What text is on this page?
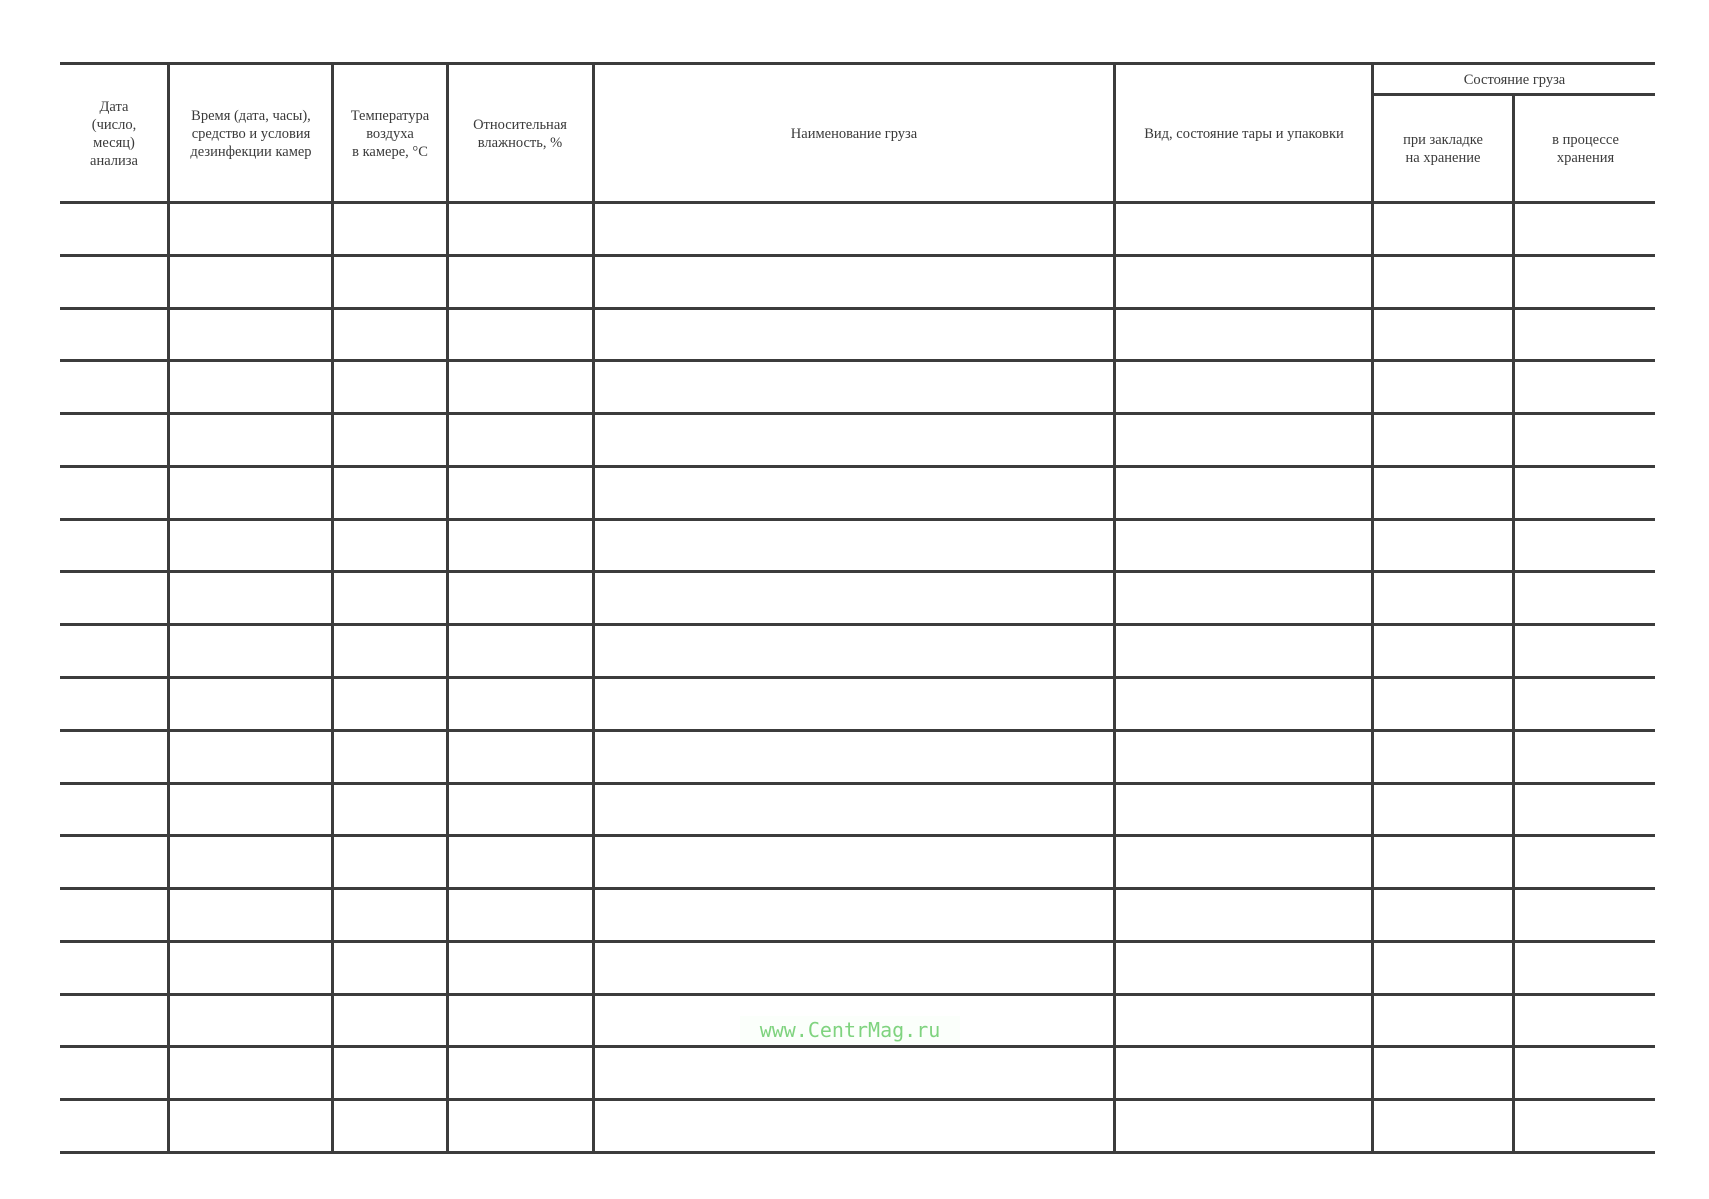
Дата
(число,
месяц)
анализа
Время (дата, часы),
средство и условия
дезинфекции камер
Температура
воздуха
в камере, °С
Относительная
влажность, %
Наименование груза	Вид, состояние тары и упаковки
Состояние груза
при закладке
на хранение
в процессе
хранения
www.CentrMag.ru
